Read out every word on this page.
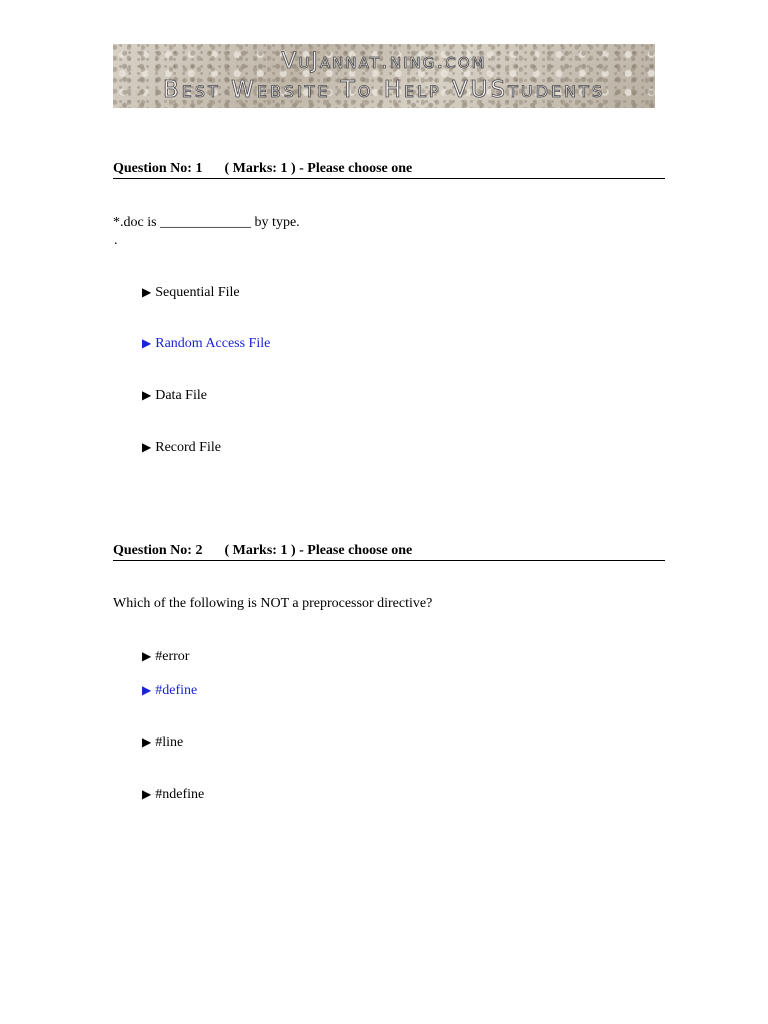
VuJannat.ning.com
Best Website To Help VUStudents
Question No: 1 ( Marks: 1 ) - Please choose one
*.doc is _____________ by type.
.
▶ Sequential File
▶ Random Access File
▶ Data File
▶ Record File
Question No: 2 ( Marks: 1 ) - Please choose one
Which of the following is NOT a preprocessor directive?
▶ #error
▶ #define
▶ #line
▶ #ndefine
